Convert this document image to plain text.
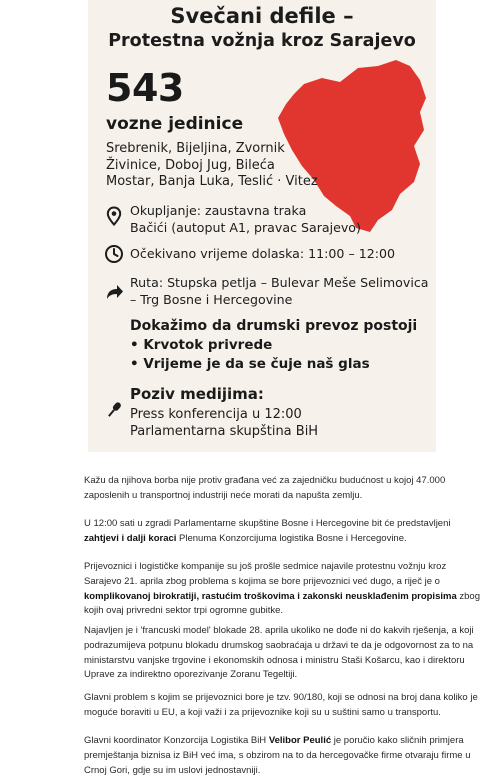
Svečani defile –
Protestna vožnja kroz Sarajevo
543
vozne jedinice
Srebrenik, Bijeljina, Zvornik
Živinice, Doboj Jug, Bileća
Mostar, Banja Luka, Teslić · Vitez
Okupljanje: zaustavna traka
Bačići (autoput A1, pravac Sarajevo)
Očekivano vrijeme dolaska: 11:00 – 12:00
Ruta: Stupska petlja – Bulevar Meše Selimovica
– Trg Bosne i Hercegovine
Dokažimo da drumski prevoz postoji
• Krvotok privrede
• Vrijeme je da se čuje naš glas
Poziv medijima:
Press konferencija u 12:00
Parlamentarna skupština BiH

Kažu da njihova borba nije protiv građana već za zajedničku budućnost u kojoj 47.000 zaposlenih u transportnoj industriji neće morati da napušta zemlju.

U 12:00 sati u zgradi Parlamentarne skupštine Bosne i Hercegovine bit će predstavljeni zahtjevi i dalji koraci Plenuma Konzorcijuma logistika Bosne i Hercegovine.

Prijevoznici i logističke kompanije su još prošle sedmice najavile protestnu vožnju kroz Sarajevo 21. aprila zbog problema s kojima se bore prijevoznici već dugo, a riječ je o komplikovanoj birokratiji, rastućim troškovima i zakonski neusklađenim propisima zbog kojih ovaj privredni sektor trpi ogromne gubitke.

Najavljen je i 'francuski model' blokade 28. aprila ukoliko ne dođe ni do kakvih rješenja, a koji podrazumijeva potpunu blokadu drumskog saobraćaja u državi te da je odgovornost za to na ministarstvu vanjske trgovine i ekonomskih odnosa i ministru Staši Košarcu, kao i direktoru Uprave za indirektno oporezivanje Zoranu Tegeltiji.

Glavni problem s kojim se prijevoznici bore je tzv. 90/180, koji se odnosi na broj dana koliko je moguće boraviti u EU, a koji važi i za prijevoznike koji su u suštini samo u transportu.

Glavni koordinator Konzorcija Logistika BiH Velibor Peulić je poručio kako sličnih primjera premještanja biznisa iz BiH već ima, s obzirom na to da hercegovačke firme otvaraju firme u Crnoj Gori, gdje su im uslovi jednostavniji.
